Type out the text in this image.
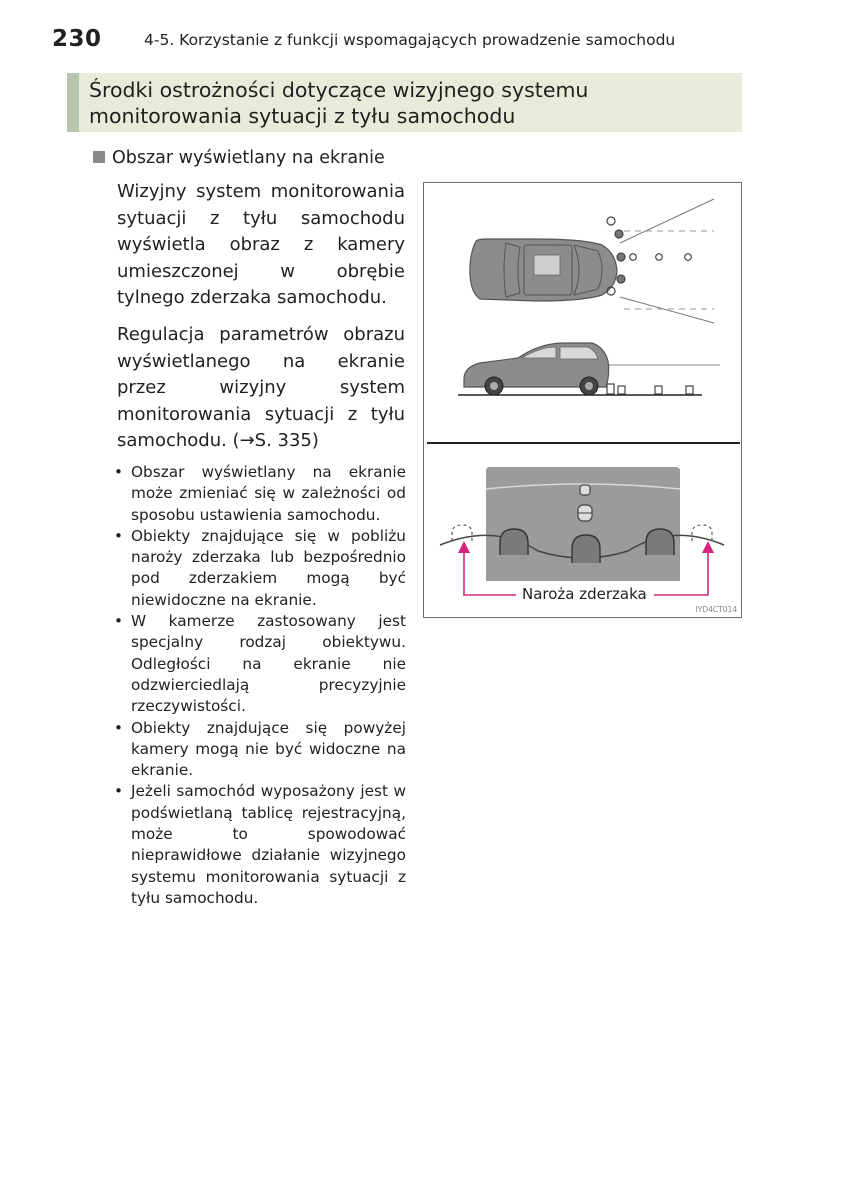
230	4-5. Korzystanie z funkcji wspomagających prowadzenie samochodu
Środki ostrożności dotyczące wizyjnego systemu monitorowania sytuacji z tyłu samochodu
Obszar wyświetlany na ekranie

Wizyjny system monitorowania sytuacji z tyłu samochodu wyświetla obraz z kamery umieszczonej w obrębie tylnego zderzaka samochodu.

Regulacja parametrów obrazu wyświetlanego na ekranie przez wizyjny system monitorowania sytuacji z tyłu samochodu. (→S. 335)

• Obszar wyświetlany na ekranie może zmieniać się w zależności od sposobu ustawienia samochodu.
• Obiekty znajdujące się w pobliżu naroży zderzaka lub bezpośrednio pod zderzakiem mogą być niewidoczne na ekranie.
• W kamerze zastosowany jest specjalny rodzaj obiektywu. Odległości na ekranie nie odzwierciedlają precyzyjnie rzeczywistości.
• Obiekty znajdujące się powyżej kamery mogą nie być widoczne na ekranie.
• Jeżeli samochód wyposażony jest w podświetlaną tablicę rejestracyjną, może to spowodować nieprawidłowe działanie wizyjnego systemu monitorowania sytuacji z tyłu samochodu.
Naroża zderzaka
IYD4CT014
